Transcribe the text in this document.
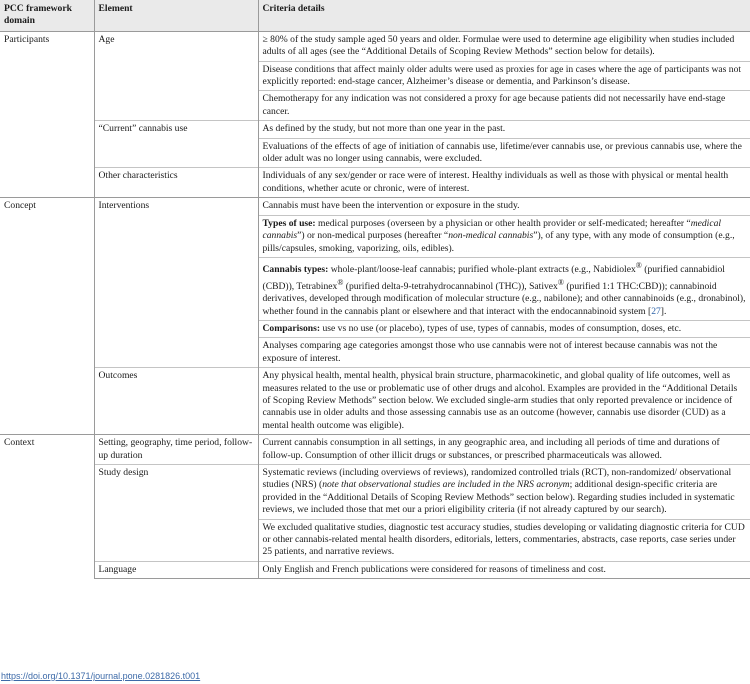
PCC framework domain	Element	Criteria details
Participants	Age	≥ 80% of the study sample aged 50 years and older. Formulae were used to determine age eligibility when studies included adults of all ages (see the “Additional Details of Scoping Review Methods” section below for details).
		Disease conditions that affect mainly older adults were used as proxies for age in cases where the age of participants was not explicitly reported: end-stage cancer, Alzheimer’s disease or dementia, and Parkinson’s disease.
		Chemotherapy for any indication was not considered a proxy for age because patients did not necessarily have end-stage cancer.
	“Current” cannabis use	As defined by the study, but not more than one year in the past.
		Evaluations of the effects of age of initiation of cannabis use, lifetime/ever cannabis use, or previous cannabis use, where the older adult was no longer using cannabis, were excluded.
	Other characteristics	Individuals of any sex/gender or race were of interest. Healthy individuals as well as those with physical or mental health conditions, whether acute or chronic, were of interest.
Concept	Interventions	Cannabis must have been the intervention or exposure in the study.
		Types of use: medical purposes (overseen by a physician or other health provider or self-medicated; hereafter “medical cannabis”) or non-medical purposes (hereafter “non-medical cannabis”), of any type, with any mode of consumption (e.g., pills/capsules, smoking, vaporizing, oils, edibles).
		Cannabis types: whole-plant/loose-leaf cannabis; purified whole-plant extracts (e.g., Nabidiolex® (purified cannabidiol (CBD)), Tetrabinex® (purified delta-9-tetrahydrocannabinol (THC)), Sativex® (purified 1:1 THC:CBD)); cannabinoid derivatives, developed through modification of molecular structure (e.g., nabilone); and other cannabinoids (e.g., dronabinol), whether found in the cannabis plant or elsewhere and that interact with the endocannabinoid system [27].
		Comparisons: use vs no use (or placebo), types of use, types of cannabis, modes of consumption, doses, etc.
		Analyses comparing age categories amongst those who use cannabis were not of interest because cannabis was not the exposure of interest.
	Outcomes	Any physical health, mental health, physical brain structure, pharmacokinetic, and global quality of life outcomes, well as measures related to the use or problematic use of other drugs and alcohol. Examples are provided in the “Additional Details of Scoping Review Methods” section below. We excluded single-arm studies that only reported prevalence or incidence of cannabis use in older adults and those assessing cannabis use as an outcome (however, cannabis use disorder (CUD) as a mental health outcome was eligible).
Context	Setting, geography, time period, follow-up duration	Current cannabis consumption in all settings, in any geographic area, and including all periods of time and durations of follow-up. Consumption of other illicit drugs or substances, or prescribed pharmaceuticals was allowed.
	Study design	Systematic reviews (including overviews of reviews), randomized controlled trials (RCT), non-randomized/ observational studies (NRS) (note that observational studies are included in the NRS acronym; additional design-specific criteria are provided in the “Additional Details of Scoping Review Methods” section below). Regarding studies included in systematic reviews, we included those that met our a priori eligibility criteria (if not already captured by our search).
		We excluded qualitative studies, diagnostic test accuracy studies, studies developing or validating diagnostic criteria for CUD or other cannabis-related mental health disorders, editorials, letters, commentaries, abstracts, case reports, case series under 25 patients, and narrative reviews.
	Language	Only English and French publications were considered for reasons of timeliness and cost.
https://doi.org/10.1371/journal.pone.0281826.t001
